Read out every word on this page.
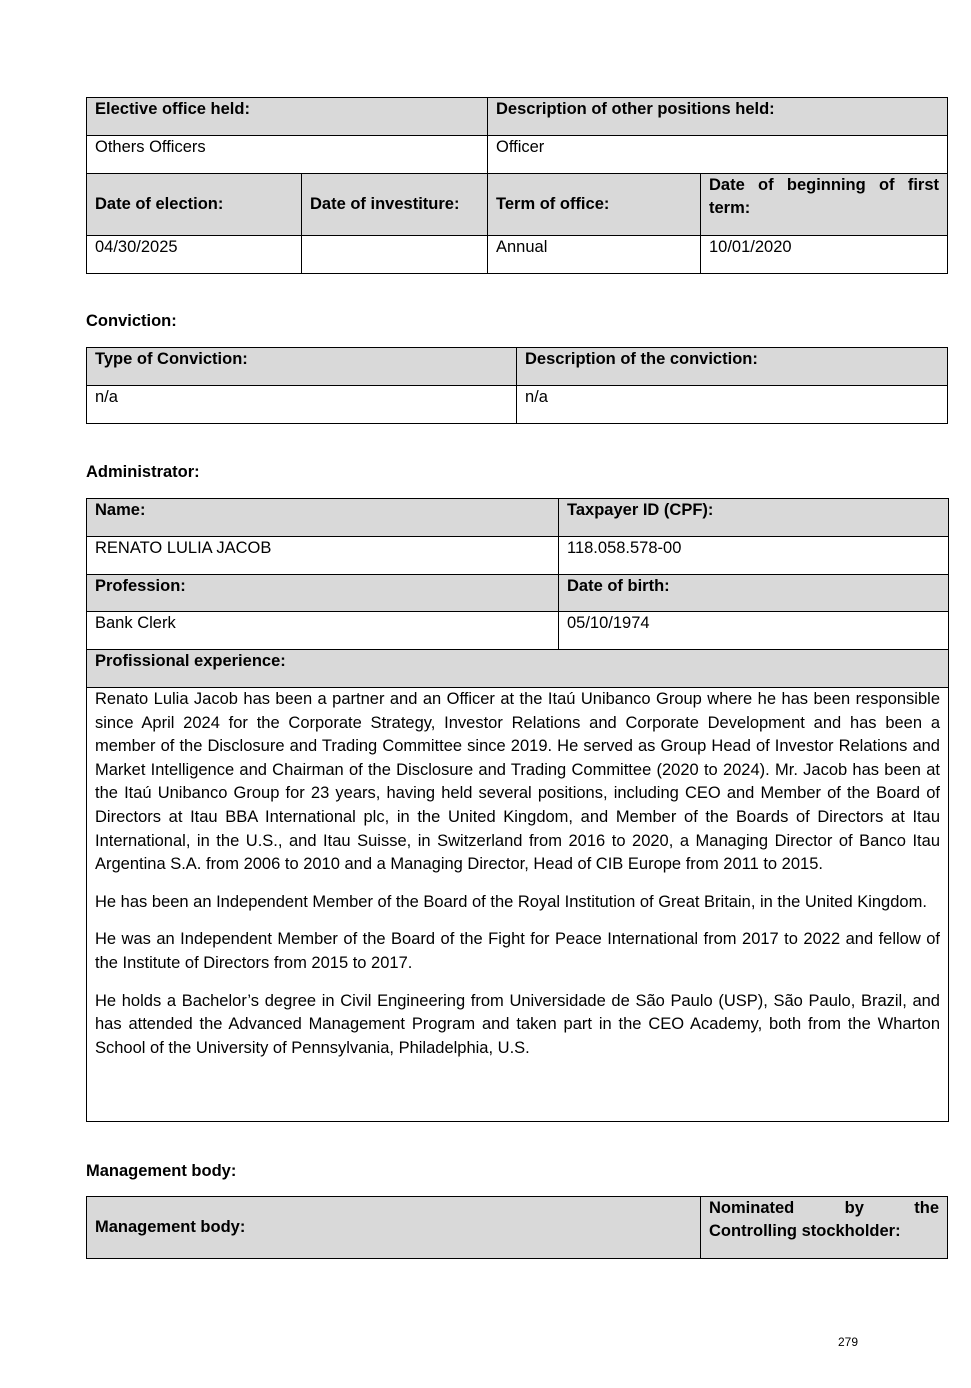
Elective office held:		Description of other positions held:	
Others Officers		Officer	
Date of election:	Date of investiture:	Term of office:	Date of beginning of first term:
04/30/2025		Annual	10/01/2020
Conviction:
Type of Conviction:	Description of the conviction:
n/a	n/a
Administrator:
Name:	Taxpayer ID (CPF):
RENATO LULIA JACOB	118.058.578-00
Profession:	Date of birth:
Bank Clerk	05/10/1974
Profissional experience:	

Renato Lulia Jacob has been a partner and an Officer at the Itaú Unibanco Group where he has been responsible since April 2024 for the Corporate Strategy, Investor Relations and Corporate Development and has been a member of the Disclosure and Trading Committee since 2019. He served as Group Head of Investor Relations and Market Intelligence and Chairman of the Disclosure and Trading Committee (2020 to 2024). Mr. Jacob has been at the Itaú Unibanco Group for 23 years, having held several positions, including CEO and Member of the Board of Directors at Itau BBA International plc, in the United Kingdom, and Member of the Boards of Directors at Itau International, in the U.S., and Itau Suisse, in Switzerland from 2016 to 2020, a Managing Director of Banco Itau Argentina S.A. from 2006 to 2010 and a Managing Director, Head of CIB Europe from 2011 to 2015.

He has been an Independent Member of the Board of the Royal Institution of Great Britain, in the United Kingdom.

He was an Independent Member of the Board of the Fight for Peace International from 2017 to 2022 and fellow of the Institute of Directors from 2015 to 2017.

He holds a Bachelor’s degree in Civil Engineering from Universidade de São Paulo (USP), São Paulo, Brazil, and has attended the Advanced Management Program and taken part in the CEO Academy, both from the Wharton School of the University of Pennsylvania, Philadelphia, U.S.	

Management body:
Management body:	Nominated by the Controlling stockholder:
279
